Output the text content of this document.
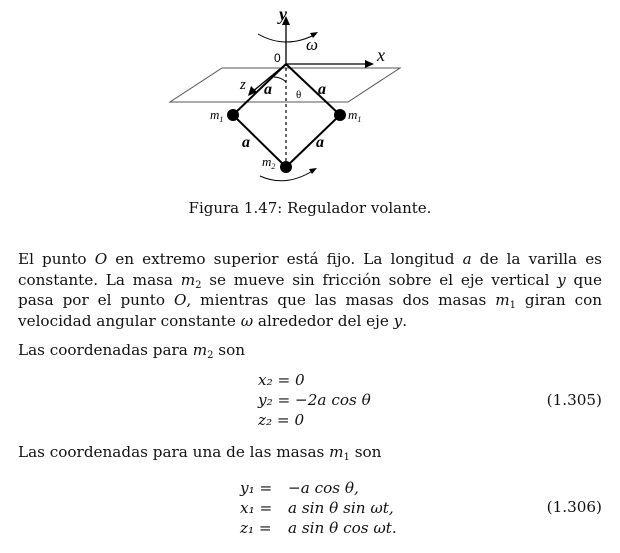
y
x
z
0
ω
θ
a	a
a	a
$m_1$	$m_1$
$m_2$
Figura 1.47: Regulador volante.
El punto O en extremo superior está fijo. La longitud a de la varilla es constante. La masa $m_2$ se mueve sin fricción sobre el eje vertical y que pasa por el punto O, mientras que las masas dos masas $m_1$ giran con velocidad angular constante ω alrededor del eje y.
Las coordenadas para $m_2$ son
x₂ = 0
y₂ = −2a cos θ
z₂ = 0
(1.305)
Las coordenadas para una de las masas $m_1$ son
y₁ = −a cos θ,
x₁ = a sin θ sin ωt,
z₁ = a sin θ cos ωt.
(1.306)
